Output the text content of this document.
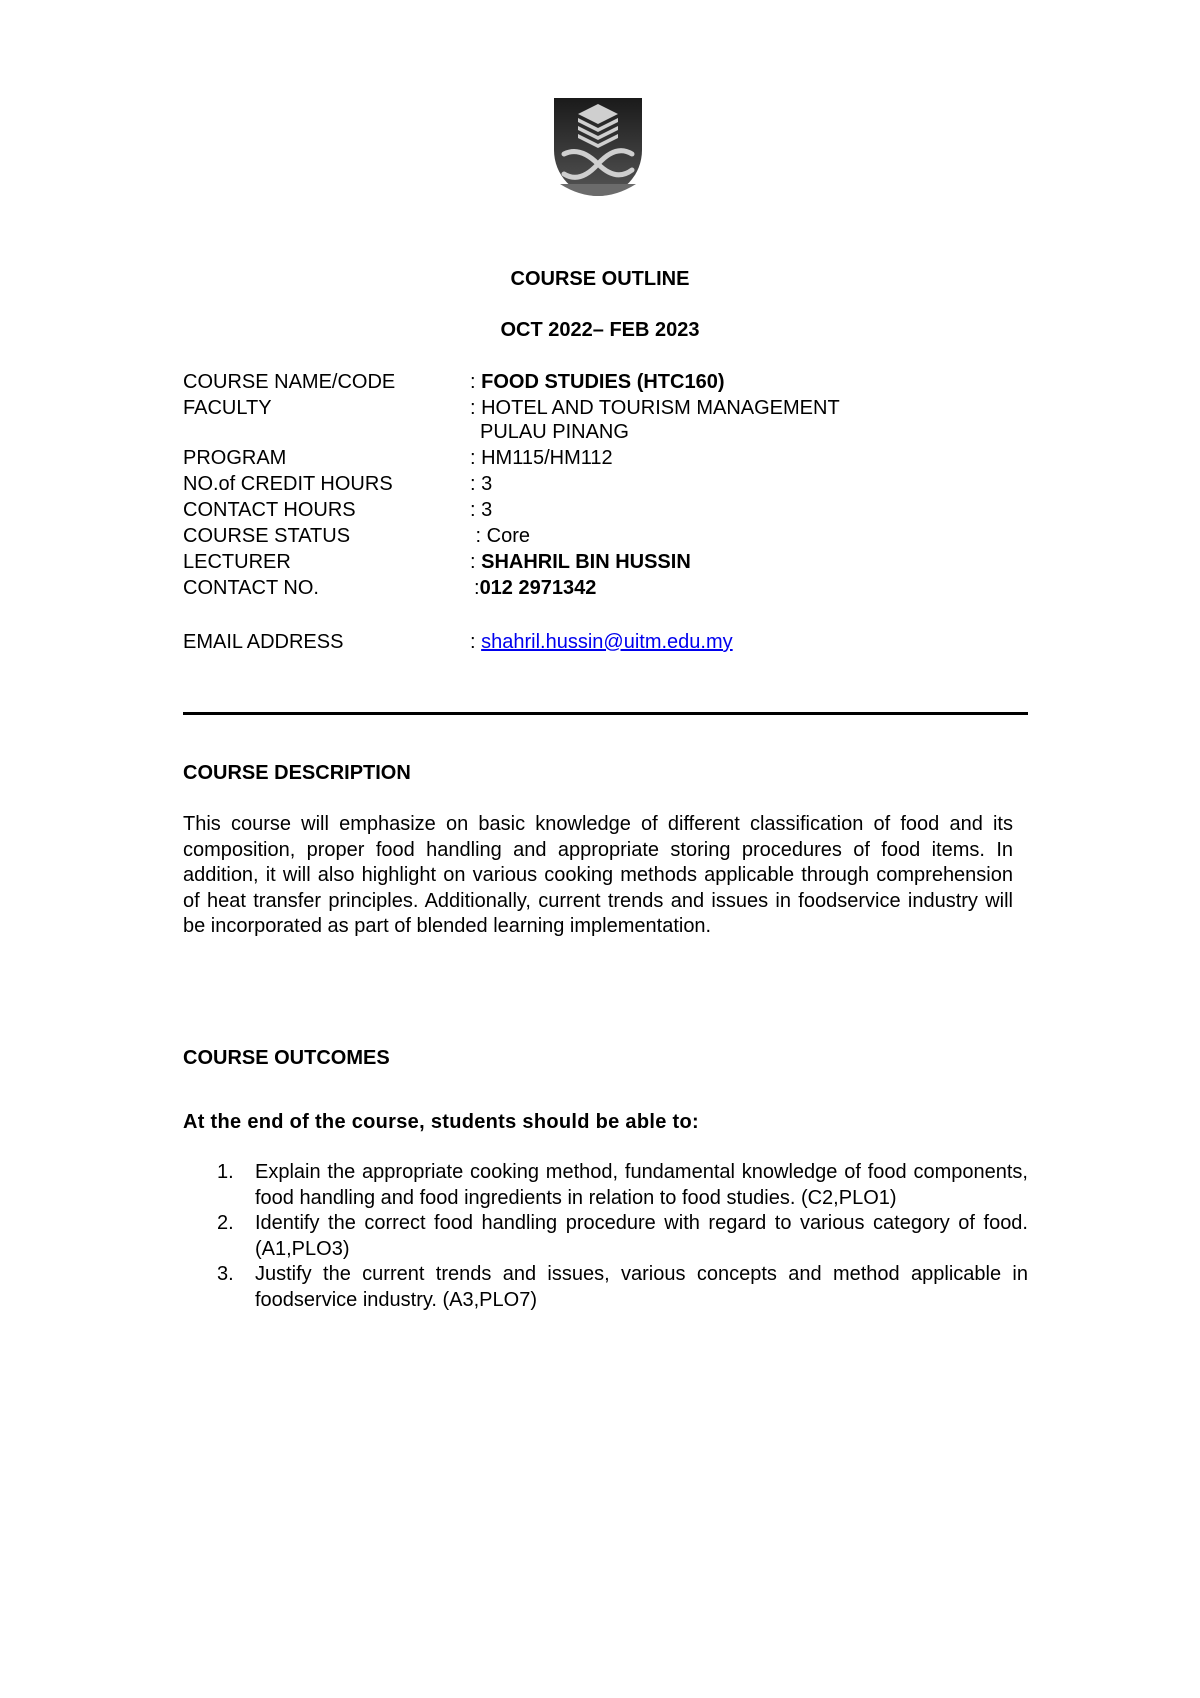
COURSE OUTLINE
OCT 2022– FEB 2023
COURSE NAME/CODE	: FOOD STUDIES (HTC160)
FACULTY	: HOTEL AND TOURISM MANAGEMENT
PULAU PINANG
PROGRAM	: HM115/HM112
NO.of CREDIT HOURS	: 3
CONTACT HOURS	: 3
COURSE STATUS	: Core
LECTURER	: SHAHRIL BIN HUSSIN
CONTACT NO.	:012 2971342
EMAIL ADDRESS	: shahril.hussin@uitm.edu.my
COURSE DESCRIPTION

This course will emphasize on basic knowledge of different classification of food and its composition, proper food handling and appropriate storing procedures of food items. In addition, it will also highlight on various cooking methods applicable through comprehension of heat transfer principles. Additionally, current trends and issues in foodservice industry will be incorporated as part of blended learning implementation.

COURSE OUTCOMES
At the end of the course, students should be able to:
1. Explain the appropriate cooking method, fundamental knowledge of food components, food handling and food ingredients in relation to food studies. (C2,PLO1)
2. Identify the correct food handling procedure with regard to various category of food. (A1,PLO3)
3. Justify the current trends and issues, various concepts and method applicable in foodservice industry. (A3,PLO7)
